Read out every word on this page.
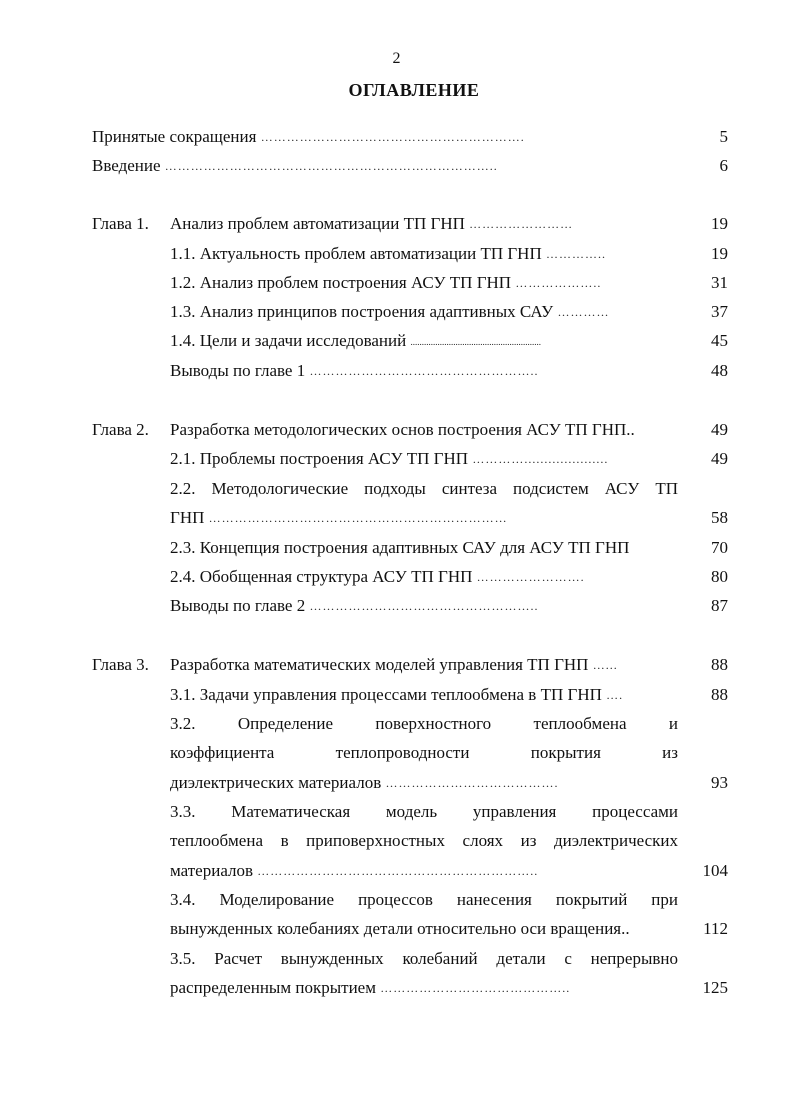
2
ОГЛАВЛЕНИЕ
Принятые сокращения …………………………………………………….	5
Введение …………………………………………………………………..	6
Глава 1. Анализ проблем автоматизации ТП ГНП ……………………	19
1.1. Актуальность проблем автоматизации ТП ГНП …………..	19
1.2. Анализ проблем построения АСУ ТП ГНП ………………..	31
1.3. Анализ принципов построения адаптивных САУ …………	37
1.4. Цели и задачи исследований ..........................................................	45
Выводы по главе 1 ……………………………………………..	48
Глава 2. Разработка методологических основ построения АСУ ТП ГНП..	49
2.1. Проблемы построения АСУ ТП ГНП ………….....................	49
2.2. Методологические подходы синтеза подсистем АСУ ТП
ГНП ……………………………………………………………	58
2.3. Концепция построения адаптивных САУ для АСУ ТП ГНП	70
2.4. Обобщенная структура АСУ ТП ГНП …………………….	80
Выводы по главе 2 ……………………………………………..	87
Глава 3. Разработка математических моделей управления ТП ГНП …...	88
3.1. Задачи управления процессами теплообмена в ТП ГНП ….	88
3.2. Определение поверхностного теплообмена и
коэффициента теплопроводности покрытия из
диэлектрических материалов ………………………………….	93
3.3. Математическая модель управления процессами
теплообмена в приповерхностных слоях из диэлектрических
материалов ………………………………………………………..	104
3.4. Моделирование процессов нанесения покрытий при
вынужденных колебаниях детали относительно оси вращения..	112
3.5. Расчет вынужденных колебаний детали с непрерывно
распределенным покрытием ……………………………………..	125
